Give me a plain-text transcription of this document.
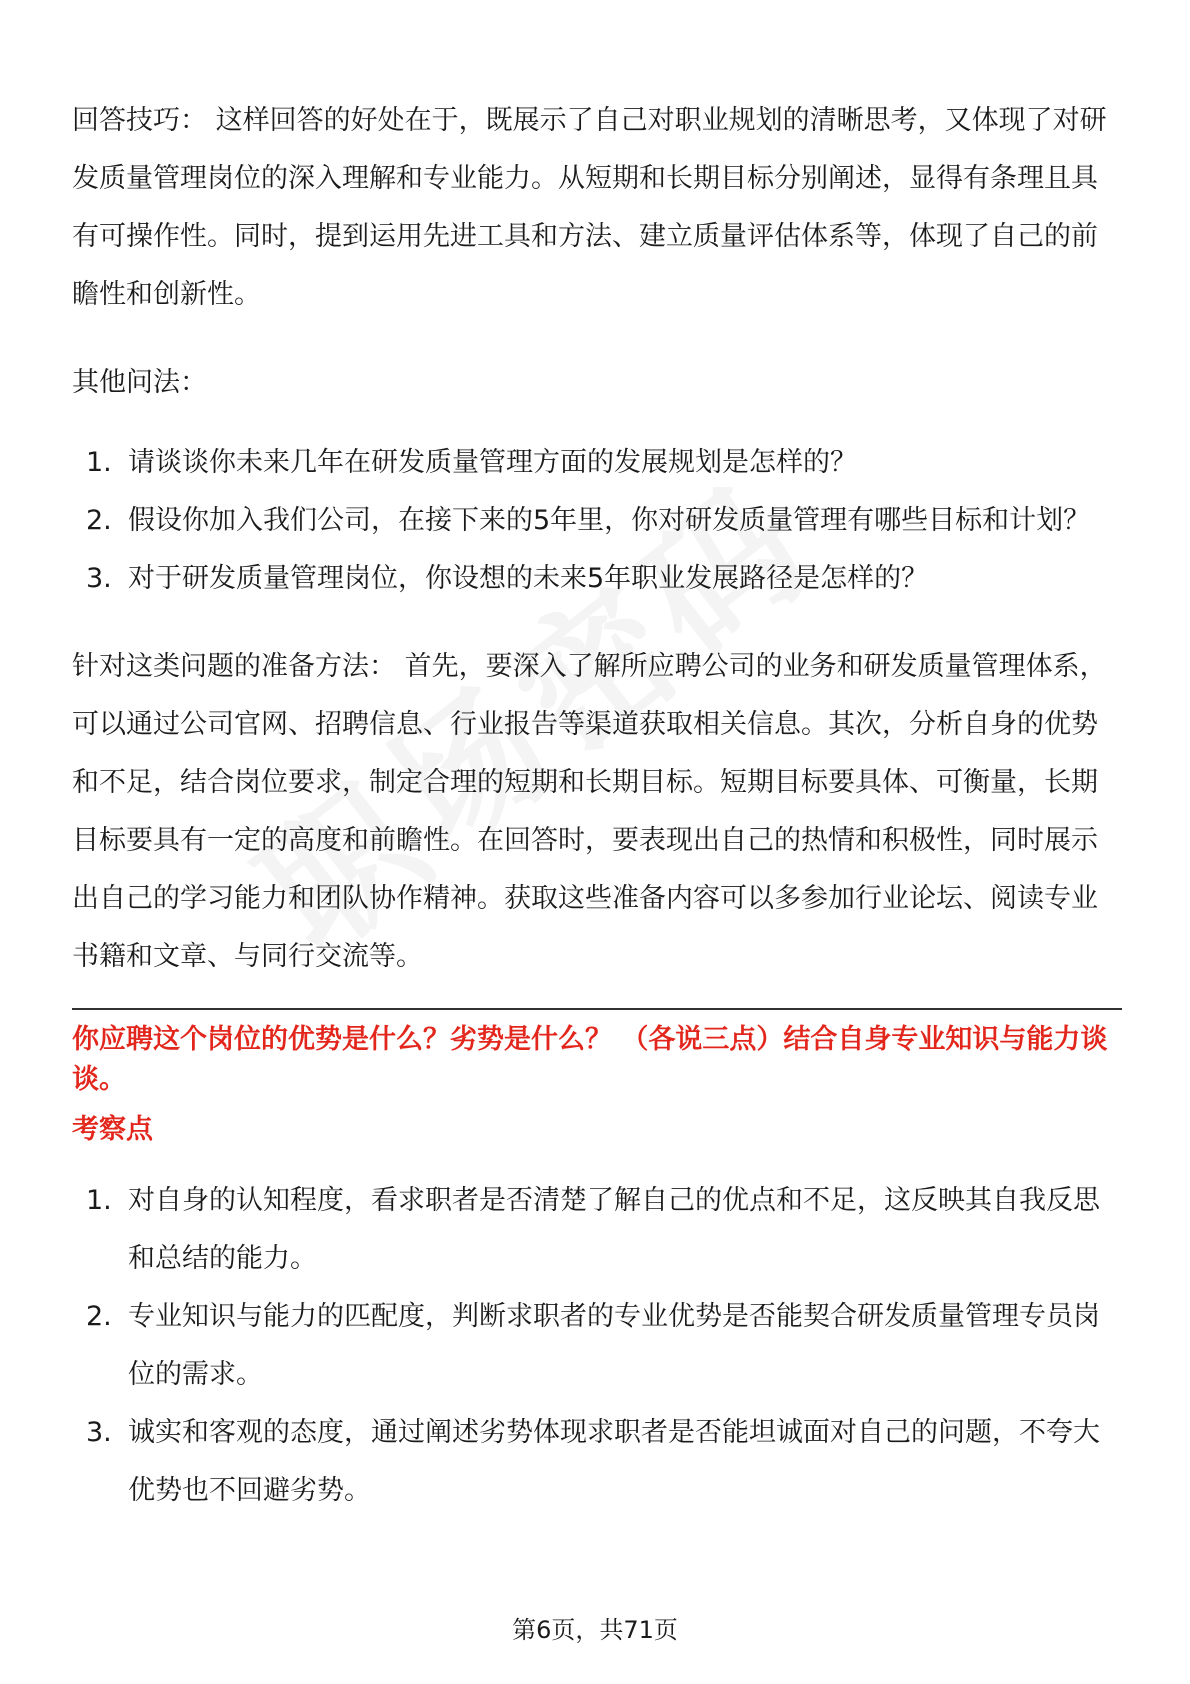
回答技巧： 这样回答的好处在于，既展示了自己对职业规划的清晰思考，又体现了对研发质量管理岗位的深入理解和专业能力。从短期和长期目标分别阐述，显得有条理且具有可操作性。同时，提到运用先进工具和方法、建立质量评估体系等，体现了自己的前瞻性和创新性。

其他问法：

1. 请谈谈你未来几年在研发质量管理方面的发展规划是怎样的？
2. 假设你加入我们公司，在接下来的5年里，你对研发质量管理有哪些目标和计划？
3. 对于研发质量管理岗位，你设想的未来5年职业发展路径是怎样的？

针对这类问题的准备方法： 首先，要深入了解所应聘公司的业务和研发质量管理体系，可以通过公司官网、招聘信息、行业报告等渠道获取相关信息。其次，分析自身的优势和不足，结合岗位要求，制定合理的短期和长期目标。短期目标要具体、可衡量，长期目标要具有一定的高度和前瞻性。在回答时，要表现出自己的热情和积极性，同时展示出自己的学习能力和团队协作精神。获取这些准备内容可以多参加行业论坛、阅读专业书籍和文章、与同行交流等。

你应聘这个岗位的优势是什么？劣势是什么？ （各说三点）结合自身专业知识与能力谈谈。

考察点

1. 对自身的认知程度，看求职者是否清楚了解自己的优点和不足，这反映其自我反思和总结的能力。
2. 专业知识与能力的匹配度，判断求职者的专业优势是否能契合研发质量管理专员岗位的需求。
3. 诚实和客观的态度，通过阐述劣势体现求职者是否能坦诚面对自己的问题，不夸大优势也不回避劣势。
第6页，共71页
